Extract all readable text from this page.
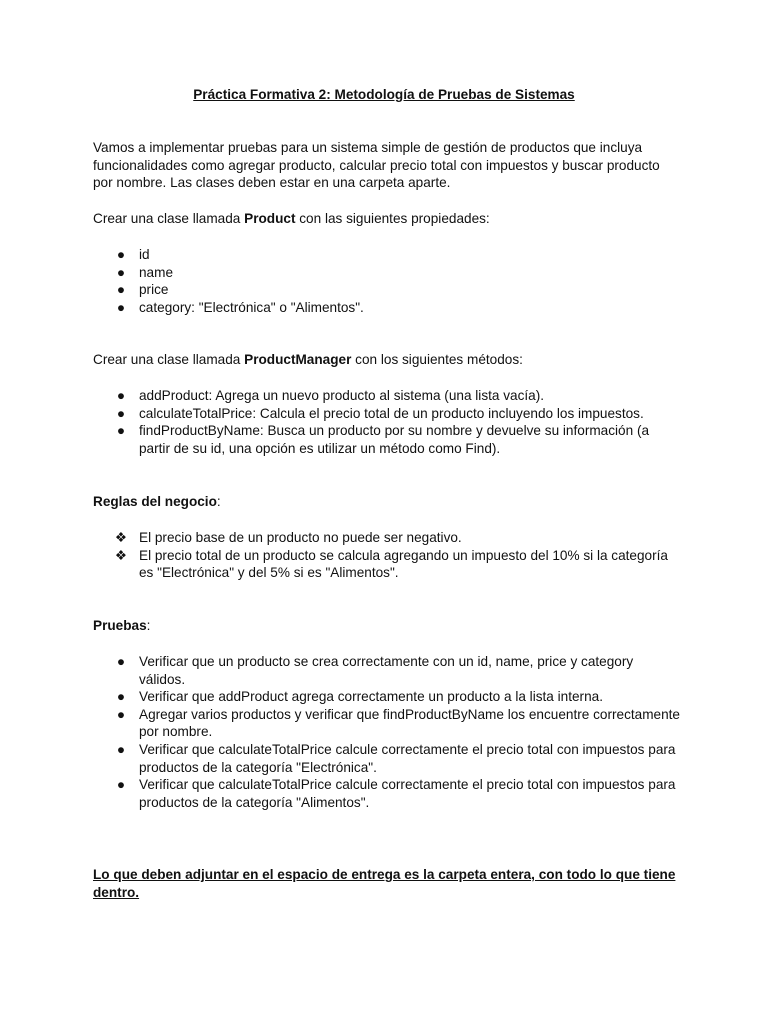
Práctica Formativa 2: Metodología de Pruebas de Sistemas

Vamos a implementar pruebas para un sistema simple de gestión de productos que incluya funcionalidades como agregar producto, calcular precio total con impuestos y buscar producto por nombre. Las clases deben estar en una carpeta aparte.

Crear una clase llamada Product con las siguientes propiedades:

● id
● name
● price
● category: "Electrónica" o "Alimentos".

Crear una clase llamada ProductManager con los siguientes métodos:

● addProduct: Agrega un nuevo producto al sistema (una lista vacía).
● calculateTotalPrice: Calcula el precio total de un producto incluyendo los impuestos.
● findProductByName: Busca un producto por su nombre y devuelve su información (a partir de su id, una opción es utilizar un método como Find).

Reglas del negocio:

❖ El precio base de un producto no puede ser negativo.
❖ El precio total de un producto se calcula agregando un impuesto del 10% si la categoría es "Electrónica" y del 5% si es "Alimentos".

Pruebas:

● Verificar que un producto se crea correctamente con un id, name, price y category válidos.
● Verificar que addProduct agrega correctamente un producto a la lista interna.
● Agregar varios productos y verificar que findProductByName los encuentre correctamente por nombre.
● Verificar que calculateTotalPrice calcule correctamente el precio total con impuestos para productos de la categoría "Electrónica".
● Verificar que calculateTotalPrice calcule correctamente el precio total con impuestos para productos de la categoría "Alimentos".

Lo que deben adjuntar en el espacio de entrega es la carpeta entera, con todo lo que tiene dentro.
